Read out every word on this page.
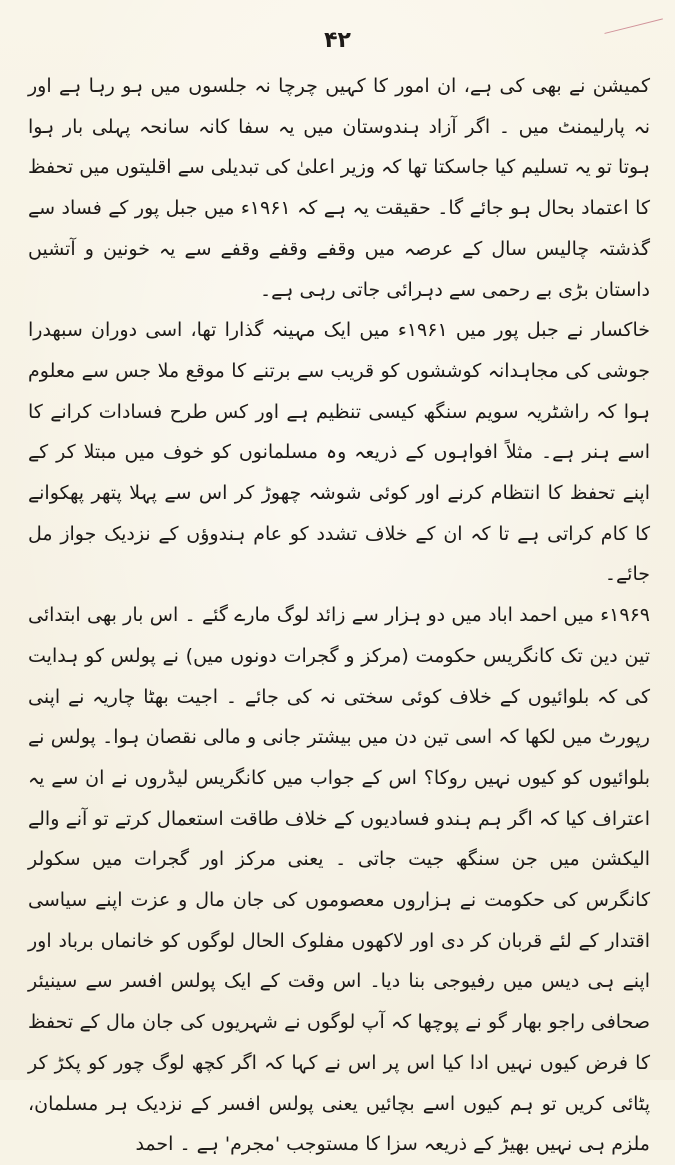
۴۲

کمیشن نے بھی کی ہے، ان امور کا کہیں چرچا نہ جلسوں میں ہو رہا ہے اور نہ پارلیمنٹ میں ۔ اگر آزاد ہندوستان میں یہ سفا کانہ سانحہ پہلی بار ہوا ہوتا تو یہ تسلیم کیا جاسکتا تھا کہ وزیر اعلیٰ کی تبدیلی سے اقلیتوں میں تحفظ کا اعتماد بحال ہو جائے گا۔ حقیقت یہ ہے کہ ۱۹۶۱ء میں جبل پور کے فساد سے گذشتہ چالیس سال کے عرصہ میں وقفے وقفے وقفے سے یہ خونین و آتشیں داستان بڑی بے رحمی سے دہرائی جاتی رہی ہے۔

خاکسار نے جبل پور میں ۱۹۶۱ء میں ایک مہینہ گذارا تھا، اسی دوران سبھدرا جوشی کی مجاہدانہ کوششوں کو قریب سے برتنے کا موقع ملا جس سے معلوم ہوا کہ راشٹریہ سویم سنگھ کیسی تنظیم ہے اور کس طرح فسادات کرانے کا اسے ہنر ہے۔ مثلاً افواہوں کے ذریعہ وہ مسلمانوں کو خوف میں مبتلا کر کے اپنے تحفظ کا انتظام کرنے اور کوئی شوشہ چھوڑ کر اس سے پہلا پتھر پھکوانے کا کام کراتی ہے تا کہ ان کے خلاف تشدد کو عام ہندوؤں کے نزدیک جواز مل جائے۔

۱۹۶۹ء میں احمد اباد میں دو ہزار سے زائد لوگ مارے گئے ۔ اس بار بھی ابتدائی تین دین تک کانگریس حکومت (مرکز و گجرات دونوں میں) نے پولس کو ہدایت کی کہ بلوائیوں کے خلاف کوئی سختی نہ کی جائے ۔ اجیت بھٹا چاریہ نے اپنی رپورٹ میں لکھا کہ اسی تین دن میں بیشتر جانی و مالی نقصان ہوا۔ پولس نے بلوائیوں کو کیوں نہیں روکا؟ اس کے جواب میں کانگریس لیڈروں نے ان سے یہ اعتراف کیا کہ اگر ہم ہندو فسادیوں کے خلاف طاقت استعمال کرتے تو آنے والے الیکشن میں جن سنگھ جیت جاتی ۔ یعنی مرکز اور گجرات میں سکولر کانگرس کی حکومت نے ہزاروں معصوموں کی جان مال و عزت اپنے سیاسی اقتدار کے لئے قربان کر دی اور لاکھوں مفلوک الحال لوگوں کو خانماں برباد اور اپنے ہی دیس میں رفیوجی بنا دیا۔ اس وقت کے ایک پولس افسر سے سینیئر صحافی راجو بھار گو نے پوچھا کہ آپ لوگوں نے شہریوں کی جان مال کے تحفظ کا فرض کیوں نہیں ادا کیا اس پر اس نے کہا کہ اگر کچھ لوگ چور کو پکڑ کر پٹائی کریں تو ہم کیوں اسے بچائیں یعنی پولس افسر کے نزدیک ہر مسلمان، ملزم ہی نہیں بھیڑ کے ذریعہ سزا کا مستوجب 'مجرم' ہے ۔ احمد
